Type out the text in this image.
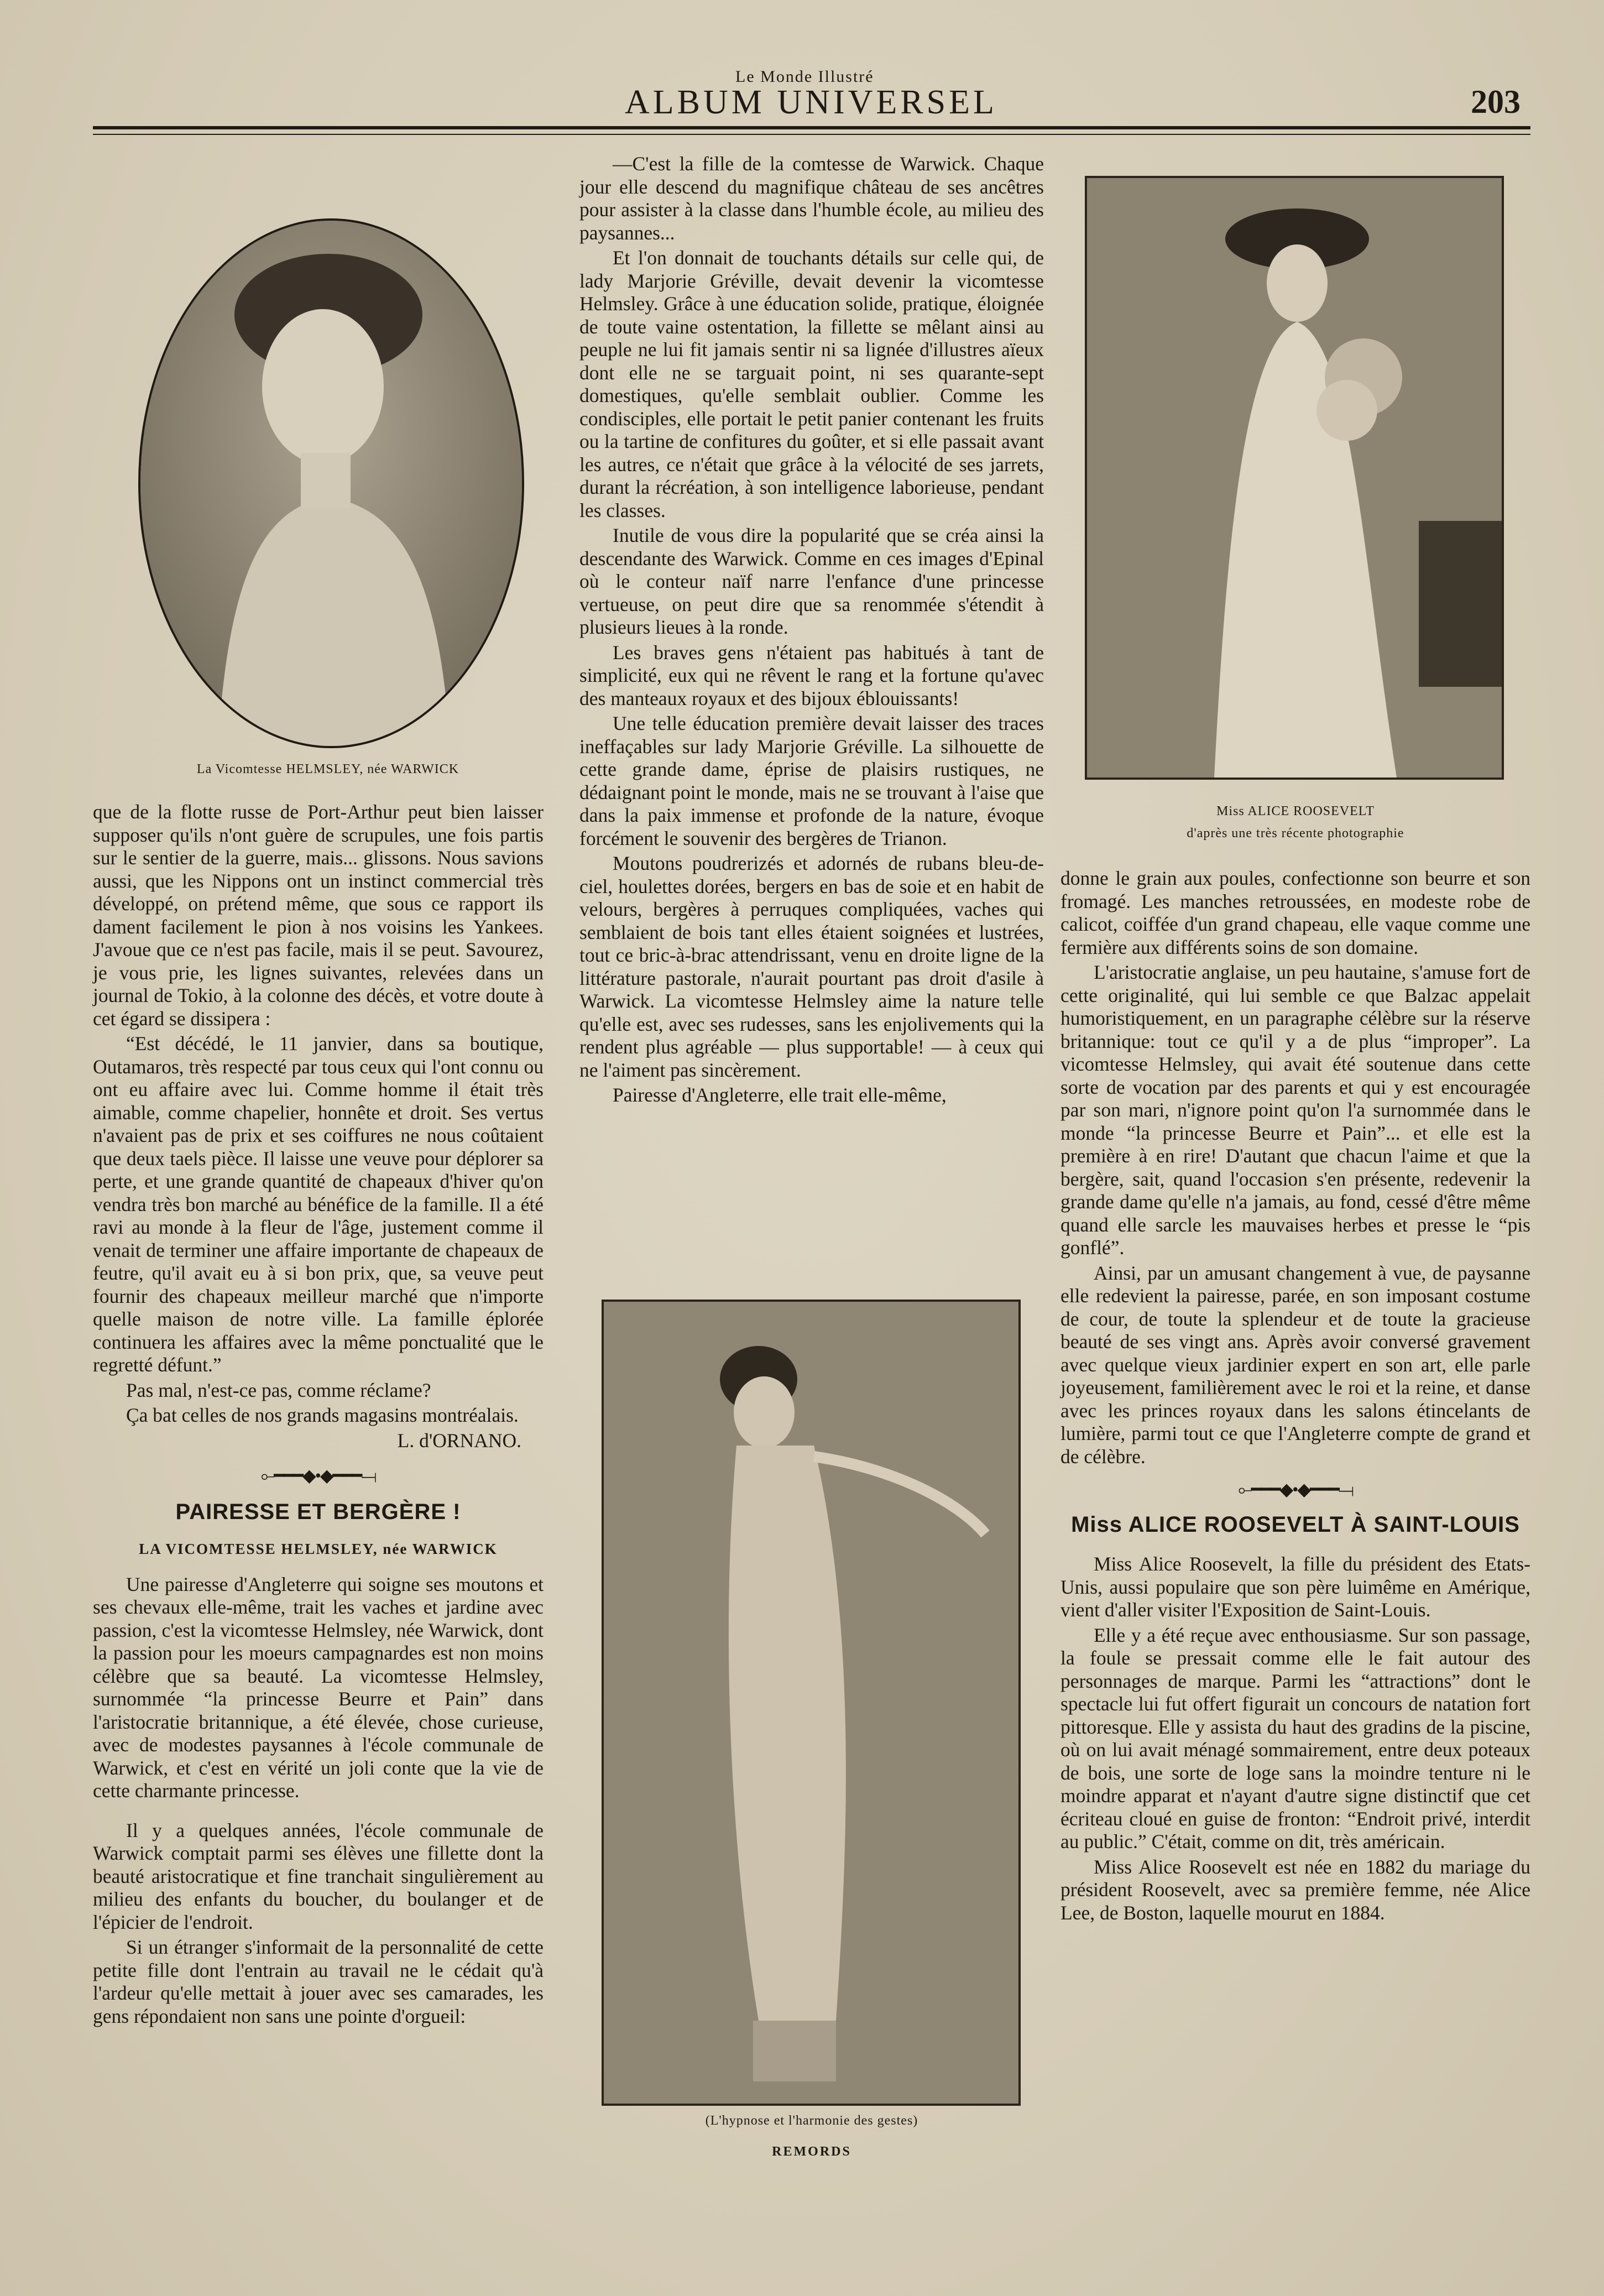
Le Monde Illustré
ALBUM UNIVERSEL	203
La Vicomtesse HELMSLEY, née WARWICK
Miss ALICE ROOSEVELT
d'après une très récente photographie
(L'hypnose et l'harmonie des gestes)
REMORDS

que de la flotte russe de Port-Arthur peut bien laisser supposer qu'ils n'ont guère de scrupules, une fois partis sur le sentier de la guerre, mais... glissons. Nous savions aussi, que les Nippons ont un instinct commercial très développé, on prétend même, que sous ce rapport ils dament facilement le pion à nos voisins les Yankees. J'avoue que ce n'est pas facile, mais il se peut. Savourez, je vous prie, les lignes suivantes, relevées dans un journal de Tokio, à la colonne des décès, et votre doute à cet égard se dissipera :

“Est décédé, le 11 janvier, dans sa boutique, Outamaros, très respecté par tous ceux qui l'ont connu ou ont eu affaire avec lui. Comme homme il était très aimable, comme chapelier, honnête et droit. Ses vertus n'avaient pas de prix et ses coiffures ne nous coûtaient que deux taels pièce. Il laisse une veuve pour déplorer sa perte, et une grande quantité de chapeaux d'hiver qu'on vendra très bon marché au bénéfice de la famille. Il a été ravi au monde à la fleur de l'âge, justement comme il venait de terminer une affaire importante de chapeaux de feutre, qu'il avait eu à si bon prix, que, sa veuve peut fournir des chapeaux meilleur marché que n'importe quelle maison de notre ville. La famille éplorée continuera les affaires avec la même ponctualité que le regretté défunt.”

Pas mal, n'est-ce pas, comme réclame?

Ça bat celles de nos grands magasins montréalais.

L. d'ORNANO.
⟜━━━◆•◆━━━⟞
PAIRESSE ET BERGÈRE !
LA VICOMTESSE HELMSLEY, née WARWICK

Une pairesse d'Angleterre qui soigne ses moutons et ses chevaux elle-même, trait les vaches et jardine avec passion, c'est la vicomtesse Helmsley, née Warwick, dont la passion pour les moeurs campagnardes est non moins célèbre que sa beauté. La vicomtesse Helmsley, surnommée “la princesse Beurre et Pain” dans l'aristocratie britannique, a été élevée, chose curieuse, avec de modestes paysannes à l'école communale de Warwick, et c'est en vérité un joli conte que la vie de cette charmante princesse.

Il y a quelques années, l'école communale de Warwick comptait parmi ses élèves une fillette dont la beauté aristocratique et fine tranchait singulièrement au milieu des enfants du boucher, du boulanger et de l'épicier de l'endroit.

Si un étranger s'informait de la personnalité de cette petite fille dont l'entrain au travail ne le cédait qu'à l'ardeur qu'elle mettait à jouer avec ses camarades, les gens répondaient non sans une pointe d'orgueil:

—C'est la fille de la comtesse de Warwick. Chaque jour elle descend du magnifique château de ses ancêtres pour assister à la classe dans l'humble école, au milieu des paysannes...

Et l'on donnait de touchants détails sur celle qui, de lady Marjorie Gréville, devait devenir la vicomtesse Helmsley. Grâce à une éducation solide, pratique, éloignée de toute vaine ostentation, la fillette se mêlant ainsi au peuple ne lui fit jamais sentir ni sa lignée d'illustres aïeux dont elle ne se targuait point, ni ses quarante-sept domestiques, qu'elle semblait oublier. Comme les condisciples, elle portait le petit panier contenant les fruits ou la tartine de confitures du goûter, et si elle passait avant les autres, ce n'était que grâce à la vélocité de ses jarrets, durant la récréation, à son intelligence laborieuse, pendant les classes.

Inutile de vous dire la popularité que se créa ainsi la descendante des Warwick. Comme en ces images d'Epinal où le conteur naïf narre l'enfance d'une princesse vertueuse, on peut dire que sa renommée s'étendit à plusieurs lieues à la ronde.

Les braves gens n'étaient pas habitués à tant de simplicité, eux qui ne rêvent le rang et la fortune qu'avec des manteaux royaux et des bijoux éblouissants!

Une telle éducation première devait laisser des traces ineffaçables sur lady Marjorie Gréville. La silhouette de cette grande dame, éprise de plaisirs rustiques, ne dédaignant point le monde, mais ne se trouvant à l'aise que dans la paix immense et profonde de la nature, évoque forcément le souvenir des bergères de Trianon.

Moutons poudrerizés et adornés de rubans bleu-de-ciel, houlettes dorées, bergers en bas de soie et en habit de velours, bergères à perruques compliquées, vaches qui semblaient de bois tant elles étaient soignées et lustrées, tout ce bric-à-brac attendrissant, venu en droite ligne de la littérature pastorale, n'aurait pourtant pas droit d'asile à Warwick. La vicomtesse Helmsley aime la nature telle qu'elle est, avec ses rudesses, sans les enjolivements qui la rendent plus agréable — plus supportable! — à ceux qui ne l'aiment pas sincèrement.

Pairesse d'Angleterre, elle trait elle-même,

donne le grain aux poules, confectionne son beurre et son fromagé. Les manches retroussées, en modeste robe de calicot, coiffée d'un grand chapeau, elle vaque comme une fermière aux différents soins de son domaine.

L'aristocratie anglaise, un peu hautaine, s'amuse fort de cette originalité, qui lui semble ce que Balzac appelait humoristiquement, en un paragraphe célèbre sur la réserve britannique: tout ce qu'il y a de plus “improper”. La vicomtesse Helmsley, qui avait été soutenue dans cette sorte de vocation par des parents et qui y est encouragée par son mari, n'ignore point qu'on l'a surnommée dans le monde “la princesse Beurre et Pain”... et elle est la première à en rire! D'autant que chacun l'aime et que la bergère, sait, quand l'occasion s'en présente, redevenir la grande dame qu'elle n'a jamais, au fond, cessé d'être même quand elle sarcle les mauvaises herbes et presse le “pis gonflé”.

Ainsi, par un amusant changement à vue, de paysanne elle redevient la pairesse, parée, en son imposant costume de cour, de toute la splendeur et de toute la gracieuse beauté de ses vingt ans. Après avoir conversé gravement avec quelque vieux jardinier expert en son art, elle parle joyeusement, familièrement avec le roi et la reine, et danse avec les princes royaux dans les salons étincelants de lumière, parmi tout ce que l'Angleterre compte de grand et de célèbre.

⟜━━━◆•◆━━━⟞
Miss ALICE ROOSEVELT À SAINT-LOUIS

Miss Alice Roosevelt, la fille du président des Etats-Unis, aussi populaire que son père luimême en Amérique, vient d'aller visiter l'Exposition de Saint-Louis.

Elle y a été reçue avec enthousiasme. Sur son passage, la foule se pressait comme elle le fait autour des personnages de marque. Parmi les “attractions” dont le spectacle lui fut offert figurait un concours de natation fort pittoresque. Elle y assista du haut des gradins de la piscine, où on lui avait ménagé sommairement, entre deux poteaux de bois, une sorte de loge sans la moindre tenture ni le moindre apparat et n'ayant d'autre signe distinctif que cet écriteau cloué en guise de fronton: “Endroit privé, interdit au public.” C'était, comme on dit, très américain.

Miss Alice Roosevelt est née en 1882 du mariage du président Roosevelt, avec sa première femme, née Alice Lee, de Boston, laquelle mourut en 1884.
